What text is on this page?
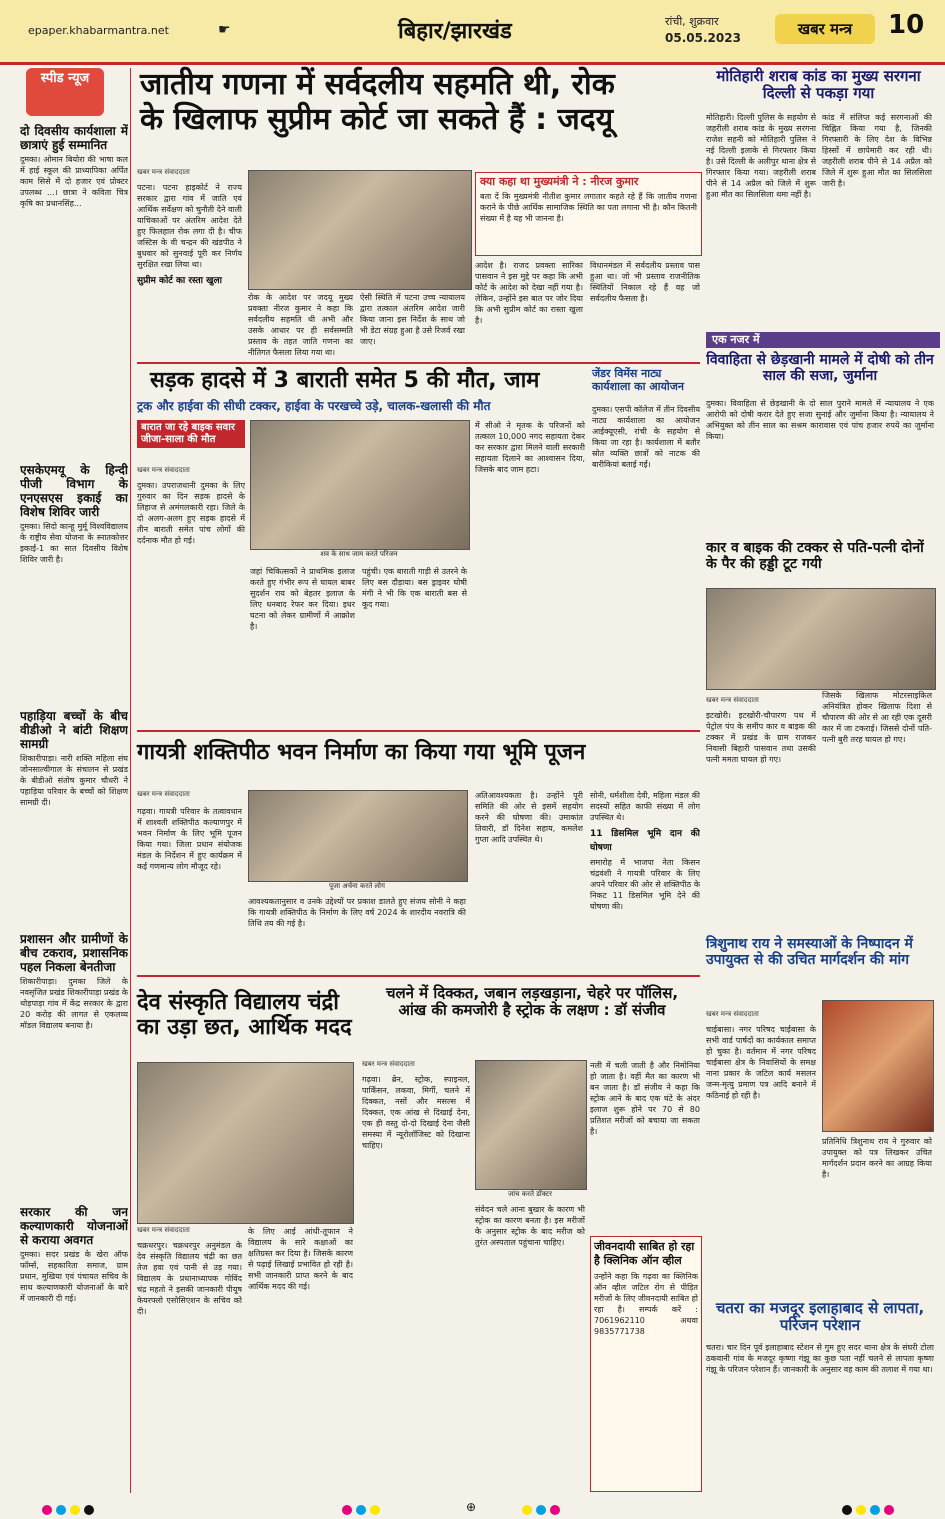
epaper.khabarmantra.net	☛	बिहार/झारखंड	रांची, शुक्रवार
05.05.2023	खबर मन्त्र	10
स्पीड न्यूज
दो दिवसीय कार्यशाला में छात्राएं हुई सम्मानित
दुमका। ओमान बियोरा की भाषा कल में हाई स्कूल की प्राध्यापिका अर्पित काम सिसे में दो हजार एवं प्रोक्टर उपलब्ध ...। छात्रा ने कविता चित्र कृषि का प्रधानसिंह...
एसकेएमयू के हिन्दी पीजी विभाग के एनएसएस इकाई का विशेष शिविर जारी
दुमका। सिदो कान्हू मुर्मू विश्वविद्यालय के राष्ट्रीय सेवा योजना के स्नातकोत्तर इकाई-1 का सात दिवसीय विशेष शिविर जारी है।
पहाड़िया बच्चों के बीच वीडीओ ने बांटी शिक्षण सामग्री
शिकारीपाड़ा। नारी शक्ति महिला संघ जोनसाल्वीगाल के संचालन से प्रखंड के बीडीओ संतोष कुमार चौधरी ने पहाड़िया परिवार के बच्चों को शिक्षण सामग्री दी।
प्रशासन और ग्रामीणों के बीच टकराव, प्रशासनिक पहल निकला बेनतीजा
शिकारीपाड़ा। दुमका जिले के नवसृजित प्रखंड शिकारीपाड़ा प्रखंड के थोड़पाड़ा गांव में केंद्र सरकार के द्वारा 20 करोड़ की लागत से एकलव्य मॉडल विद्यालय बनाया है।
सरकार की जन कल्याणकारी योजनाओं से कराया अवगत
दुमका। सदर प्रखंड के खेरा ऑफ फॉर्म्स, सहकारिता समाज, ग्राम प्रधान, मुखिया एवं पंचायत सचिव के साथ कल्याणकारी योजनाओं के बारे में जानकारी दी गई।
जातीय गणना में सर्वदलीय सहमति थी, रोक
के खिलाफ सुप्रीम कोर्ट जा सकते हैं : जदयू
खबर मन्त्र संवाददाता
पटना। पटना हाइकोर्ट ने राज्य सरकार द्वारा गांव में जाति एवं आर्थिक सर्वेक्षण को चुनौती देने वाली याचिकाओं पर अंतरिम आदेश देते हुए फिलहाल रोक लगा दी है। चीफ जस्टिस के वी चन्द्रन की खंडपीठ ने बुधवार को सुनवाई पूरी कर निर्णय सुरक्षित रखा लिया था।
सुप्रीम कोर्ट का रस्ता खुला
रोक के आदेश पर जदयू मुख्य प्रवक्ता नीरज कुमार ने कहा कि सर्वदलीय सहमति थी अभी और उसके आधार पर ही सर्वसम्मति प्रस्ताव के तहत जाति गणना का नीतिगत फैसला लिया गया था।
ऐसी स्थिति में पटना उच्च न्यायालय द्वारा तत्काल अंतरिम आदेश जारी किया जाना इस निर्देश के साथ जो भी डेटा संग्रह हुआ है उसे रिजर्व रखा जाए।
क्या कहा था मुख्यमंत्री ने : नीरज कुमार
बता दें कि मुख्यमंत्री नीतीश कुमार लगातार कहते रहे हैं कि जातीय गणना कराने के पीछे आर्थिक सामाजिक स्थिति का पता लगाना भी है। कौन कितनी संख्या में है यह भी जानना है।
आदेश है। राजद प्रवक्ता सारिका पासवान ने इस मुद्दे पर कहा कि अभी कोर्ट के आदेश को देखा नहीं गया है। लेकिन, उन्होंने इस बात पर जोर दिया कि अभी सुप्रीम कोर्ट का रास्ता खुला है।
विधानमंडल में सर्वदलीय प्रस्ताव पास हुआ था। जो भी प्रस्ताव राजनीतिक स्थितियों निकाल रहे हैं वह जो सर्वदलीय फैसला है।
मोतिहारी शराब कांड का मुख्य सरगना दिल्ली से पकड़ा गया
मोतिहारी। दिल्ली पुलिस के सहयोग से जहरीली शराब कांड के मुख्य सरगना राजेश सहनी को मोतिहारी पुलिस ने नई दिल्ली इलाके से गिरफ्तार किया है। उसे दिल्ली के अलीपुर थाना क्षेत्र से गिरफ्तार किया गया। जहरीली शराब पीने से 14 अप्रैल को जिले में शुरू हुआ मौत का सिलसिला थमा नहीं है।
कांड में संलिप्त कई सरगनाओं की चिह्नित किया गया है, जिनकी गिरफ्तारी के लिए देश के विभिन्न हिस्सों में छापेमारी कर रही थी। जहरीली शराब पीने से 14 अप्रैल को जिले में शुरू हुआ मौत का सिलसिला जारी है।
एक नजर में
विवाहिता से छेड़खानी मामले में दोषी को तीन साल की सजा, जुर्माना
दुमका। विवाहिता से छेड़खानी के दो साल पुराने मामले में न्यायालय ने एक आरोपी को दोषी करार देते हुए सजा सुनाई और जुर्माना किया है। न्यायालय ने अभियुक्त को तीन साल का सश्रम कारावास एवं पांच हजार रुपये का जुर्माना किया।
सड़क हादसे में 3 बाराती समेत 5 की मौत, जाम
ट्रक और हाईवा की सीधी टक्कर, हाईवा के परखच्चे उड़े, चालक-खलासी की मौत
बारात जा रहे बाइक सवार जीजा-साला की मौत
खबर मन्त्र संवाददाता
दुमका। उपराजधानी दुमका के लिए गुरुवार का दिन सड़क हादसे के लिहाज से अमंगलकारी रहा। जिले के दो अलग-अलग हुए सड़क हादसे में तीन बाराती समेत पांच लोगों की दर्दनाक मौत हो गई।
शव के साथ जाम करते परिजन
जहां चिकित्सकों ने प्राथमिक इलाज करते हुए गंभीर रूप से घायल बाबर सुदर्शन राय को बेहतर इलाज के लिए धनबाद रेफर कर दिया। इधर घटना को लेकर ग्रामीणों में आक्रोश है।
पहुंची। एक बाराती गाड़ी से उतरने के लिए बस दौड़ाया। बस ड्राइवर घोषी मंगी ने भी कि एक बाराती बस से कूद गया।
में सीओ ने मृतक के परिजनों को तत्काल 10,000 नगद सहायता देकर कर सरकार द्वारा मिलने वाली सरकारी सहायता दिलाने का आश्वासन दिया, जिसके बाद जाम हटा।
जेंडर विमेंस नाट्य कार्यशाला का आयोजन
दुमका। एसपी कॉलेज में तीन दिवसीय नाट्य कार्यशाला का आयोजन आईक्यूएसी, रांची के सहयोग से किया जा रहा है। कार्यशाला में बतौर स्रोत व्यक्ति छात्रों को नाटक की बारीकियां बताई गईं।
कार व बाइक की टक्कर से पति-पत्नी दोनों के पैर की हड्डी टूट गयी
खबर मन्त्र संवाददाता
इटखोरी। इटखोरी-चौपारण पथ में पेट्रोल पंप के समीप कार व बाइक की टक्कर में प्रखंड के ग्राम राजकर निवासी बिहारी पासवान तथा उसकी पत्नी ममता घायल हो गए।
जिसके खिलाफ मोटरसाइकिल अनियंत्रित होकर खिलाफ दिशा से चौपारण की ओर से आ रही एक दूसरी कार में जा टकराई। जिससे दोनों पति-पत्नी बुरी तरह घायल हो गए।
गायत्री शक्तिपीठ भवन निर्माण का किया गया भूमि पूजन
खबर मन्त्र संवाददाता
गढ़वा। गायत्री परिवार के तत्वावधान में शाश्वती शक्तिपीठ कल्याणपुर में भवन निर्माण के लिए भूमि पूजन किया गया। जिला प्रधान संयोजक मंडल के निर्देशन में हुए कार्यक्रम में कई गणमान्य लोग मौजूद रहे।
पूजा अर्चना करते लोग
आवश्यकतानुसार व उनके उद्देश्यों पर प्रकाश डालते हुए संजय सोनी ने कहा कि गायत्री शक्तिपीठ के निर्माण के लिए वर्ष 2024 के शारदीय नवरात्रि की तिथि तय की गई है।
अतिआवश्यकता है। उन्होंने पूरी समिति की ओर से इसमें सहयोग करने की घोषणा की। उमाकांत तिवारी, डॉ दिनेश सहाय, कमलेश गुप्ता आदि उपस्थित थे।
सोनी, धर्मशीला देवी, महिला मंडल की सदस्यों सहित काफी संख्या में लोग उपस्थित थे।
11 डिसमिल भूमि दान की घोषणा
समारोह में भाजपा नेता किसन चंद्रवंशी ने गायत्री परिवार के लिए अपने परिवार की ओर से शक्तिपीठ के निकट 11 डिसमिल भूमि देने की घोषणा की।
त्रिशुनाथ राय ने समस्याओं के निष्पादन में उपायुक्त से की उचित मार्गदर्शन की मांग
खबर मन्त्र संवाददाता
चाईबासा। नगर परिषद चाईबासा के सभी वार्ड पार्षदों का कार्यकाल समाप्त हो चुका है। वर्तमान में नगर परिषद चाईबासा क्षेत्र के निवासियों के समक्ष नाना प्रकार के जटिल कार्य मसलन जन्म-मृत्यु प्रमाण पत्र आदि बनाने में कठिनाई हो रही है।
प्रतिनिधि त्रिशुनाथ राय ने गुरुवार को उपायुक्त को पत्र लिखकर उचित मार्गदर्शन प्रदान करने का आग्रह किया है।
देव संस्कृति विद्यालय चंद्री का उड़ा छत, आर्थिक मदद
खबर मन्त्र संवाददाता
चक्रधरपुर। चक्रधरपुर अनुमंडल के देव संस्कृति विद्यालय चंद्री का छत तेज हवा एवं पानी से उड़ गया। विद्यालय के प्रधानाध्यापक गोविंद चंद्र महतो ने इसकी जानकारी पीयूष केयरफ्लो एसोसिएशन के सचिव को दी।
के लिए आई आंधी-तूफान ने विद्यालय के सारे कक्षाओं का क्षतिग्रस्त कर दिया है। जिसके कारण से पढ़ाई लिखाई प्रभावित हो रही है। सभी जानकारी प्राप्त करने के बाद आर्थिक मदद की गई।
चलने में दिक्कत, जबान लड़खड़ाना, चेहरे पर पॉलिस,
आंख की कमजोरी है स्ट्रोक के लक्षण : डॉ संजीव
खबर मन्त्र संवाददाता
गढ़वा। ब्रेन, स्ट्रोक, स्पाइनल, पार्किंसन, लकवा, मिर्गी, चलने में दिक्कत, नसों और मसल्स में दिक्कत, एक आंख से दिखाई देना, एक ही वस्तु दो-दो दिखाई देना जैसी समस्या में न्यूरोलॉजिस्ट को दिखाना चाहिए।
जांच करते डॉक्टर
संवेदन चले आना बुखार के कारण भी स्ट्रोक का कारण बनता है। इस मरीजों के अनुसार स्ट्रोक के बाद मरीज को तुरंत अस्पताल पहुंचाना चाहिए।
नली में चली जाती है और निमोनिया हो जाता है। वहीं मैत का कारण भी बन जाता है। डॉ संजीव ने कहा कि स्ट्रोक आने के बाद एक घंटे के अंदर इलाज शुरू होने पर 70 से 80 प्रतिशत मरीजों को बचाया जा सकता है।
जीवनदायी साबित हो रहा है क्लिनिक ऑन व्हील
उन्होंने कहा कि गढ़वा का क्लिनिक ऑन व्हील जटिल रोग से पीड़ित मरीजों के लिए जीवनदायी साबित हो रहा है। सम्पर्क करें : 7061962110 अथवा 9835771738
चतरा का मजदूर इलाहाबाद से लापता, परिजन परेशान
चतरा। चार दिन पूर्व इलाहाबाद स्टेशन से गुम हुए सदर थाना क्षेत्र के संघरी टोला ठकवानी गांव के मजदूर कृष्णा गंझू का कुछ पता नहीं चलने से लापता कृष्णा गंझू के परिजन परेशान हैं। जानकारी के अनुसार वह काम की तलाश में गया था।
⊕
